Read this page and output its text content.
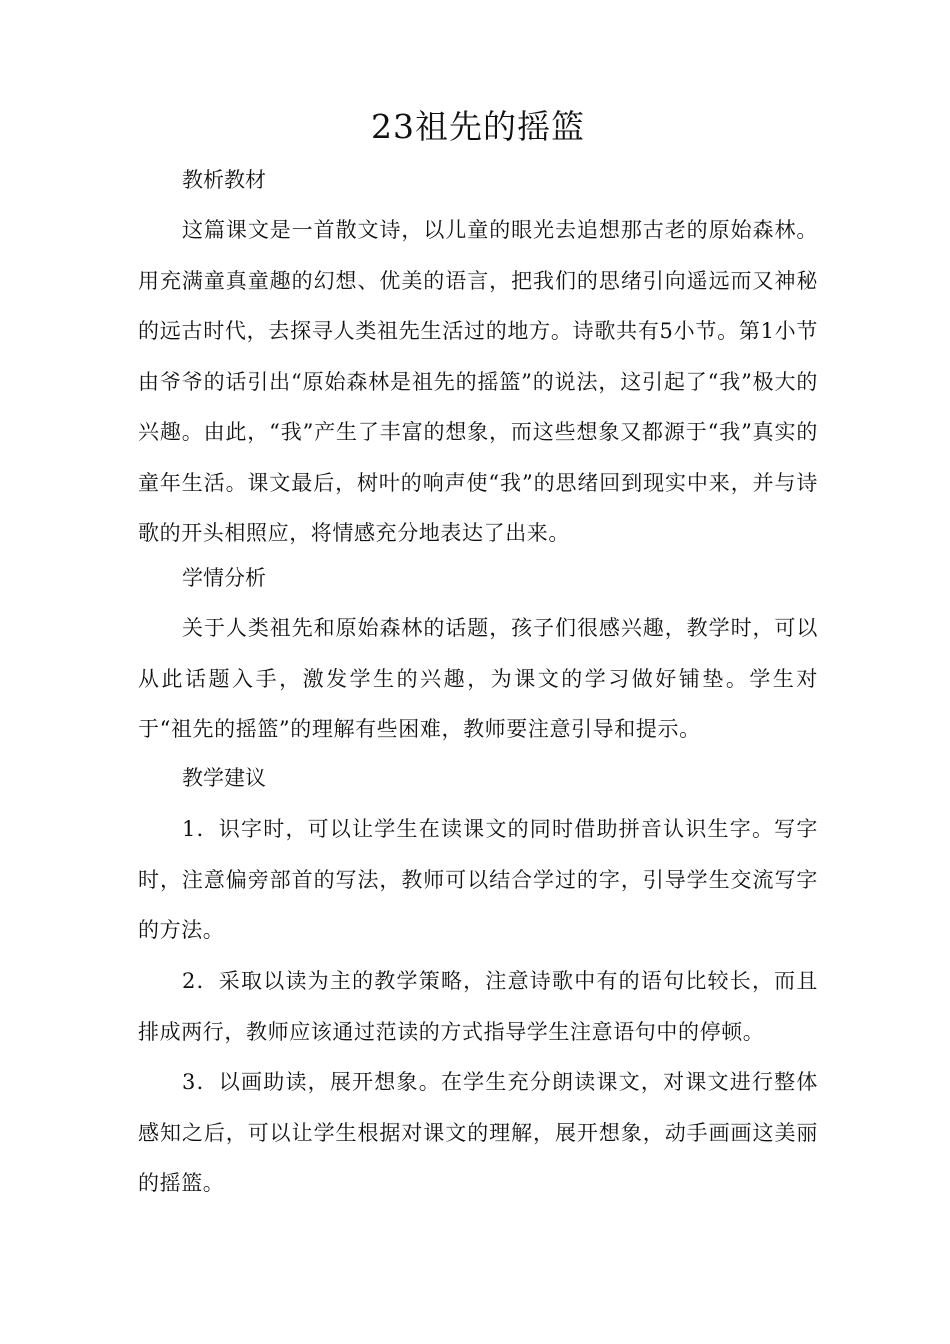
23祖先的摇篮
教析教材

这篇课文是一首散文诗，以儿童的眼光去追想那古老的原始森林。用充满童真童趣的幻想、优美的语言，把我们的思绪引向遥远而又神秘的远古时代，去探寻人类祖先生活过的地方。诗歌共有5小节。第1小节由爷爷的话引出“原始森林是祖先的摇篮”的说法，这引起了“我”极大的兴趣。由此，“我”产生了丰富的想象，而这些想象又都源于“我”真实的童年生活。课文最后，树叶的响声使“我”的思绪回到现实中来，并与诗歌的开头相照应，将情感充分地表达了出来。

学情分析

关于人类祖先和原始森林的话题，孩子们很感兴趣，教学时，可以从此话题入手，激发学生的兴趣，为课文的学习做好铺垫。学生对于“祖先的摇篮”的理解有些困难，教师要注意引导和提示。

教学建议

1．识字时，可以让学生在读课文的同时借助拼音认识生字。写字时，注意偏旁部首的写法，教师可以结合学过的字，引导学生交流写字的方法。

2．采取以读为主的教学策略，注意诗歌中有的语句比较长，而且排成两行，教师应该通过范读的方式指导学生注意语句中的停顿。

3．以画助读，展开想象。在学生充分朗读课文，对课文进行整体感知之后，可以让学生根据对课文的理解，展开想象，动手画画这美丽的摇篮。
